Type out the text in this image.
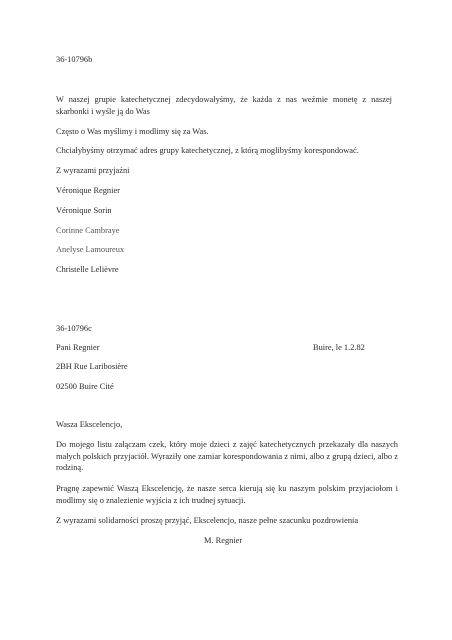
36-10796b

W naszej grupie katechetycznej zdecydowałyśmy, że każda z nas weźmie monetę z naszej skarbonki i wyśle ją do Was

Często o Was myślimy i modlimy się za Was.

Chciałybyśmy otrzymać adres grupy katechetycznej, z którą moglibyśmy korespondować.

Z wyrazami przyjaźni

Véronique Regnier

Véronique Sorin

Corinne Cambraye

Anelyse Lamoureux

Christelle Lelièvre

36-10796c

Pani Regnier	Buire, le 1.2.82

2BH Rue Laribosière

02500 Buire Cité

Wasza Ekscelencjo,

Do mojego listu załączam czek, który moje dzieci z zajęć katechetycznych przekazały dla naszych małych polskich przyjaciół. Wyraziły one zamiar korespondowania z nimi, albo z grupą dzieci, albo z rodziną.

Pragnę zapewnić Waszą Ekscelencję, że nasze serca kierują się ku naszym polskim przyjaciołom i modlimy się o znalezienie wyjścia z ich trudnej sytuacji.

Z wyrazami solidarności proszę przyjąć, Ekscelencjo, nasze pełne szacunku pozdrowienia

M. Regnier
